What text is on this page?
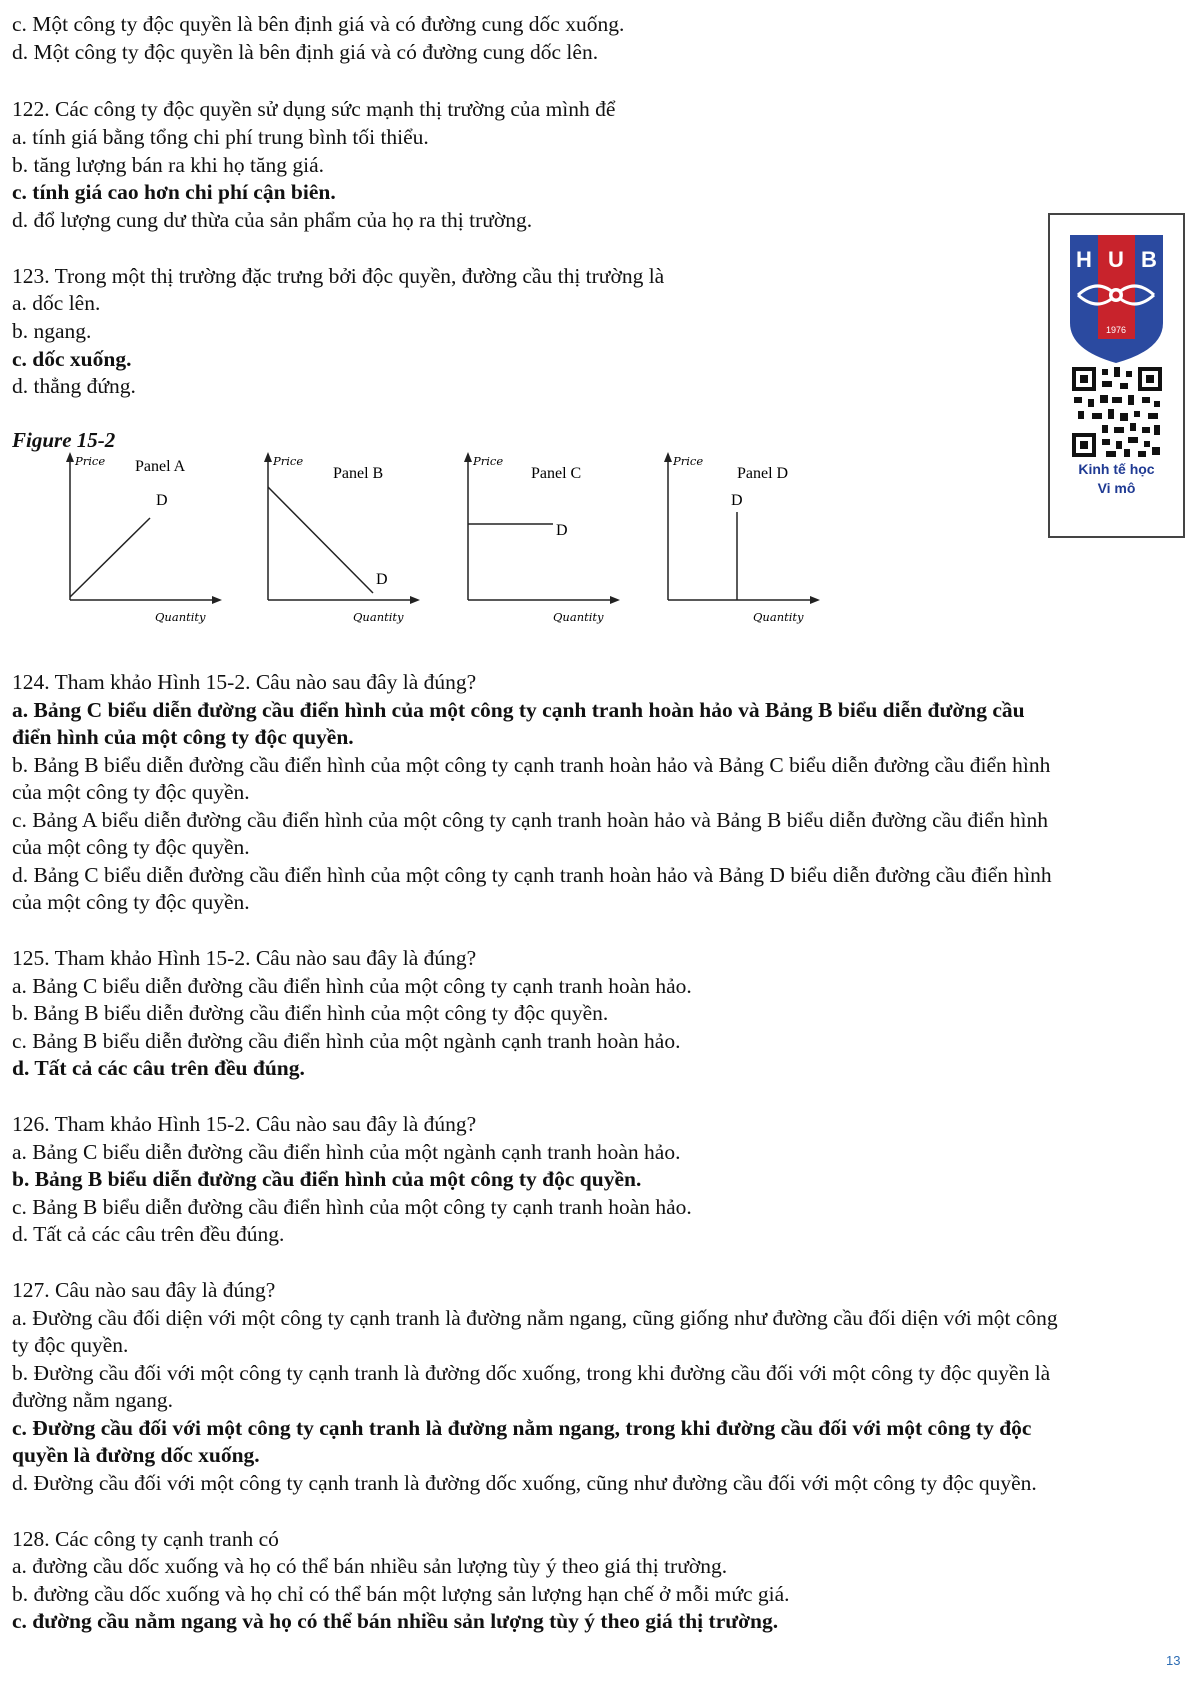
c. Một công ty độc quyền là bên định giá và có đường cung dốc xuống.
d. Một công ty độc quyền là bên định giá và có đường cung dốc lên.
122. Các công ty độc quyền sử dụng sức mạnh thị trường của mình để
a. tính giá bằng tổng chi phí trung bình tối thiểu.
b. tăng lượng bán ra khi họ tăng giá.
c. tính giá cao hơn chi phí cận biên.
d. đổ lượng cung dư thừa của sản phẩm của họ ra thị trường.
123. Trong một thị trường đặc trưng bởi độc quyền, đường cầu thị trường là
a. dốc lên.
b. ngang.
c. dốc xuống.
d. thẳng đứng.
Figure 15-2
Price Panel A
D
Quantity
Price
Panel B
D
Quantity
Price
Panel C
D
Quantity
Price
Panel D
D
Quantity
H U B
1976
Kinh tế học
Vi mô
124. Tham khảo Hình 15-2. Câu nào sau đây là đúng?
a. Bảng C biểu diễn đường cầu điển hình của một công ty cạnh tranh hoàn hảo và Bảng B biểu diễn đường cầu
điển hình của một công ty độc quyền.
b. Bảng B biểu diễn đường cầu điển hình của một công ty cạnh tranh hoàn hảo và Bảng C biểu diễn đường cầu điển hình
của một công ty độc quyền.
c. Bảng A biểu diễn đường cầu điển hình của một công ty cạnh tranh hoàn hảo và Bảng B biểu diễn đường cầu điển hình
của một công ty độc quyền.
d. Bảng C biểu diễn đường cầu điển hình của một công ty cạnh tranh hoàn hảo và Bảng D biểu diễn đường cầu điển hình
của một công ty độc quyền.
125. Tham khảo Hình 15-2. Câu nào sau đây là đúng?
a. Bảng C biểu diễn đường cầu điển hình của một công ty cạnh tranh hoàn hảo.
b. Bảng B biểu diễn đường cầu điển hình của một công ty độc quyền.
c. Bảng B biểu diễn đường cầu điển hình của một ngành cạnh tranh hoàn hảo.
d. Tất cả các câu trên đều đúng.
126. Tham khảo Hình 15-2. Câu nào sau đây là đúng?
a. Bảng C biểu diễn đường cầu điển hình của một ngành cạnh tranh hoàn hảo.
b. Bảng B biểu diễn đường cầu điển hình của một công ty độc quyền.
c. Bảng B biểu diễn đường cầu điển hình của một công ty cạnh tranh hoàn hảo.
d. Tất cả các câu trên đều đúng.
127. Câu nào sau đây là đúng?
a. Đường cầu đối diện với một công ty cạnh tranh là đường nằm ngang, cũng giống như đường cầu đối diện với một công
ty độc quyền.
b. Đường cầu đối với một công ty cạnh tranh là đường dốc xuống, trong khi đường cầu đối với một công ty độc quyền là
đường nằm ngang.
c. Đường cầu đối với một công ty cạnh tranh là đường nằm ngang, trong khi đường cầu đối với một công ty độc
quyền là đường dốc xuống.
d. Đường cầu đối với một công ty cạnh tranh là đường dốc xuống, cũng như đường cầu đối với một công ty độc quyền.
128. Các công ty cạnh tranh có
a. đường cầu dốc xuống và họ có thể bán nhiều sản lượng tùy ý theo giá thị trường.
b. đường cầu dốc xuống và họ chỉ có thể bán một lượng sản lượng hạn chế ở mỗi mức giá.
c. đường cầu nằm ngang và họ có thể bán nhiều sản lượng tùy ý theo giá thị trường.
13
